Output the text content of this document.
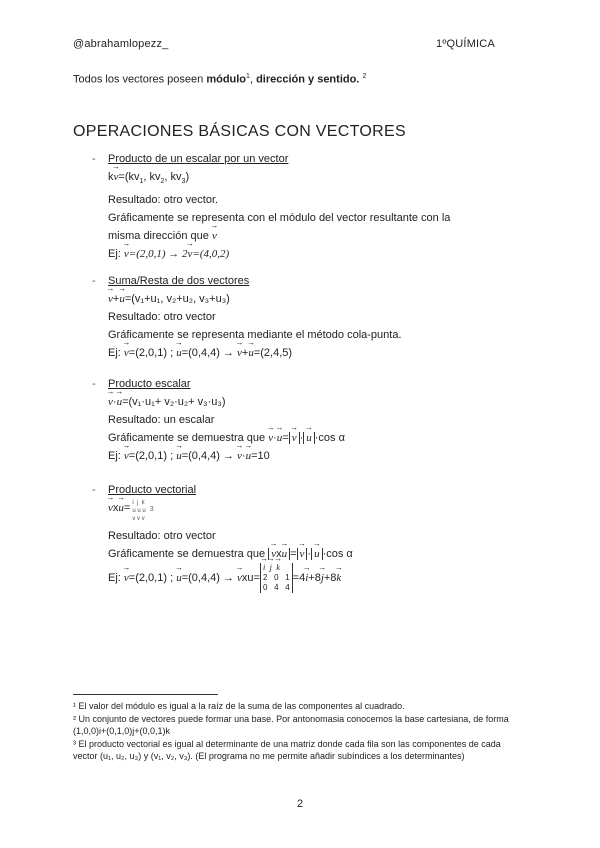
@abrahamlopezz_	1ºQUÍMICA
Todos los vectores poseen módulo$^1$, dirección y sentido. $^2$
OPERACIONES BÁSICAS CON VECTORES
- Producto de un escalar por un vector
$k\to v=(kv_1$, $kv_2$, $kv_3$)
Resultado: otro vector.
Gráficamente se representa con el módulo del vector resultante con la
misma dirección que → v
Ej: → v=(2,0,1) → 2→ v=(4,0,2)
- Suma/Resta de dos vectores
→ v+→ u=(v₁+u₁, v₂+u₂, v₃+u₃)
Resultado: otro vector
Gráficamente se representa mediante el método cola-punta.
Ej: → v=(2,0,1) ; → u=(0,4,4) → → v+→ u=(2,4,5)
- Producto escalar
→ v·→ u=(v₁·u₁+ v₂·u₂+ v₃·u₃)
Resultado: un escalar
Gráficamente se demuestra que → v·→ u= → v · → u ·cos α
Ej: → v=(2,0,1) ; → u=(0,4,4) → → v·→ u=10
- Producto vectorial
→ vx→ u= i  j  k
u u u
v v v3
Resultado: otro vector
Gráficamente se demuestra que → vx→ u = → v · → u ·cos α
Ej: → v=(2,0,1) ; → u=(0,4,4) → → vxu=→ i → j → k
2 0 1
0 4 4=4→ i+8→ j+8→ k
¹ El valor del módulo es igual a la raíz de la suma de las componentes al cuadrado.
² Un conjunto de vectores puede formar una base. Por antonomasia conocemos la base cartesiana, de forma (1,0,0)i+(0,1,0)j+(0,0,1)k
³ El producto vectorial es igual al determinante de una matriz donde cada fila son las componentes de cada vector (u₁, u₂, u₃) y (v₁, v₂, v₃). (El programa no me permite añadir subíndices a los determinantes)
2
